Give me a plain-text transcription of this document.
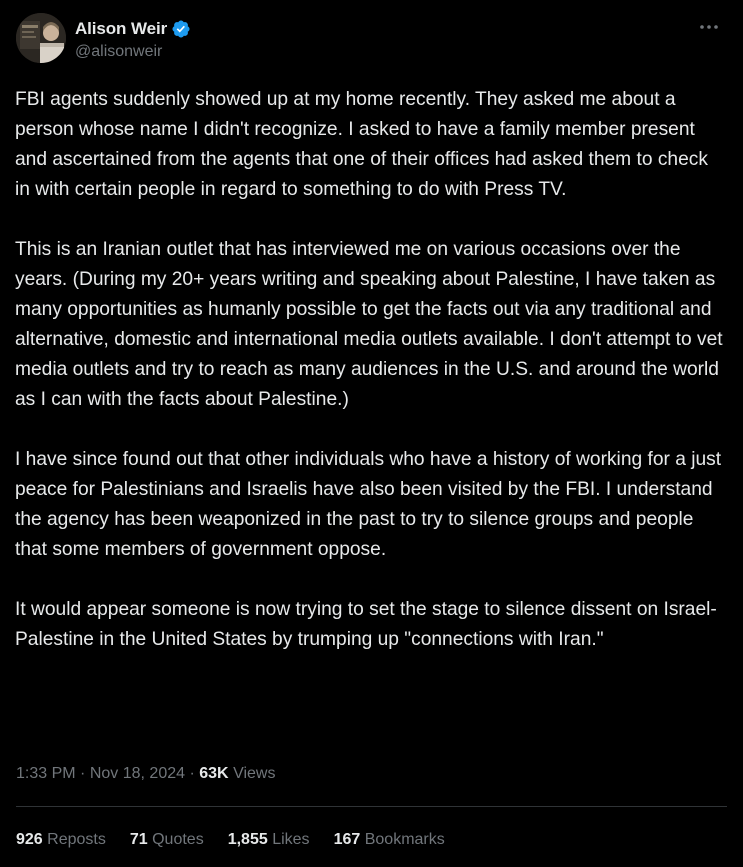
Alison Weir
@alisonweir

FBI agents suddenly showed up at my home recently. They asked me about a person whose name I didn't recognize. I asked to have a family member present and ascertained from the agents that one of their offices had asked them to check in with certain people in regard to something to do with Press TV.

This is an Iranian outlet that has interviewed me on various occasions over the years. (During my 20+ years writing and speaking about Palestine, I have taken as many opportunities as humanly possible to get the facts out via any traditional and alternative, domestic and international media outlets available. I don't attempt to vet media outlets and try to reach as many audiences in the U.S. and around the world as I can with the facts about Palestine.)

I have since found out that other individuals who have a history of working for a just peace for Palestinians and Israelis have also been visited by the FBI. I understand the agency has been weaponized in the past to try to silence groups and people that some members of government oppose.

It would appear someone is now trying to set the stage to silence dissent on Israel-Palestine in the United States by trumping up "connections with Iran."

1:33 PM · Nov 18, 2024 · 63K Views
926 Reposts 71 Quotes 1,855 Likes 167 Bookmarks
